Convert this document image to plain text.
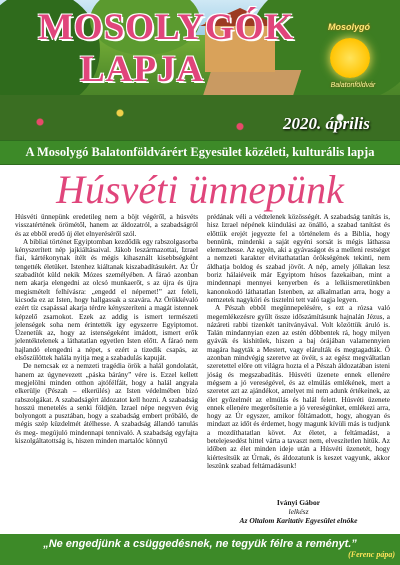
MOSOLYGÓK
LAPJA
Mosolygó
Balatonföldvár
2020. április
A Mosolygó Balatonföldvárért Egyesület közéleti, kulturális lapja
Húsvéti ünnepünk

Húsvéti ünnepünk eredetileg nem a böjt végéről, a húsvéts visszatértének örömétől, hanem az áldozatról, a szabadságról és az ebből eredő új élet elnyeréséről szól.

A bibliai történet Egyiptomban kezdődik egy rabszolgasorba kényszerített nép jajkiáltásaival. Jákob leszármazottai, Izrael fiai, kártékonynak ítélt és mégis kihasznált kisebbségként tengették életüket. Istenhez kiáltanak kiszabadításukért. Az Úr szabadítót küld nekik Mózes személyében. A fáraó azonban nem akarja elengedni az olcsó munkaerőt, s az újra és újra megismételt felhívásra: „engedd el népemet!” azt feleli, kicsoda ez az Isten, hogy hallgassak a szavára. Az Örökkévaló ezért tíz csapással akarja térdre kényszeríteni a magát istennek képzelő zsarnokot. Ezek az addig is ismert természeti jelenségek soha nem érintették így egyszerre Egyiptomot. Üzenetük az, hogy az istenségeként imádott, ismert erők jelentéktelenek a láthatatlan egyetlen Isten előtt. A fáraó nem hajlandó elengedni a népet, s ezért a tizedik csapás, az elsőszülöttek halála nyitja meg a szabadulás kapuját.

De nemcsak ez a nemzeti tragédia örök a halál gondolatát, hanem az úgynevezett „páska bárány” vére is. Ezzel kellett megjelölni minden otthon ajtófélfáit, hogy a halál angyala elkerülje (Pészah – elkerülés) az Isten védelmében bízó rabszolgákat. A szabadságért áldozatot kell hozni. A szabadság hosszú menetelés a senki földjén. Izrael népe negyven évig bolyongott a pusztában, hogy a szabadság embert próbáló, de mégis szép küzdelmét átélhesse. A szabadság állandó tanulás és meg- megújuló mindennapi tennivaló. A szabadság egyfajta kiszolgáltatottság is, hiszen minden martalóc könnyű

prédának véli a védtelenek közösségét. A szabadság tanítás is, hisz Izrael népének kiindulási az önálló, a szabad tanítást és előttük erejét jegyezte fel a történelem és a Biblia, hogy bennünk, mindenki a saját egyéni sorsát is mégis láthassa elemezhesse. Az egyén, aki a gyávaságot és a melleni restséget a nemzeti karakter elvitathatatlan örökségének tekinti, nem áldhatja boldog és szabad jövőt. A nép, amely jóllakan lesz boriz hálaiéveik már Egyiptom húsos fazekaiban, mint a mindennapi mennyei kenyerben és a lelkiismeretünkben kanonokodó láthatatlan Istenben, az alkalmatlan arra, hogy a nemzetek nagyköri és tisztelni tett való tagja legyen.

A Pészah ebből megünnepelésére, s ezt a rózsa való megemlékezésre gyűlt össze időszámításunk hajnalán Jézus, a názáreti rabbi tizenkét tanítványával. Volt közöttük áruló is. Talán mindannyian ezen az estén döbbentek rá, hogy milyen gyávák és kishitűek, hiszen a baj órájában valamennyien magára hagyták a Mestert, vagy elárulták és megtagadták. Ő azonban mindvégig szeretve az övéit, s az egész megváltatlan szeretettel előre ott világra hozta el a Pészah áldozatában isteni jóság és megszabadítás. Húsvéti üzenete ennek ellenére mégsem a jó vereségével, és az elmúlás emlékének, mert a szeretet azt az ajándékot, amelyet mi nem adunk értékeinek, az élet győzelmét az elmúlás és halál felett. Húsvéti üzenete ennek ellenére megerősítenie a jó vereségünket, emlékezi arra, hogy az Úr egyszer, amikor föltámadott, hogy, ahogyan és mindazt az időt és érdemet, hogy magunk kívüli más is tudjunk a mozdíthatatlan követ. Az életet, a feltámadást, a betelejesedést hittel várta a tavaszt nem, elveszítetlen hitük. Az időben az élet minden ideje után a Húsvéti üzenetét, hogy kiértesítsük az Úrnak, és áldozatunk is keszet vagyunk, akkor leszünk szabad feltámadásunk!

Iványi Gábor
lelkész
Az Oltalom Karitatív Egyesület elnöke
„Ne engedjünk a csüggedésnek, ne tegyük félre a reményt.”
(Ferenc pápa)
